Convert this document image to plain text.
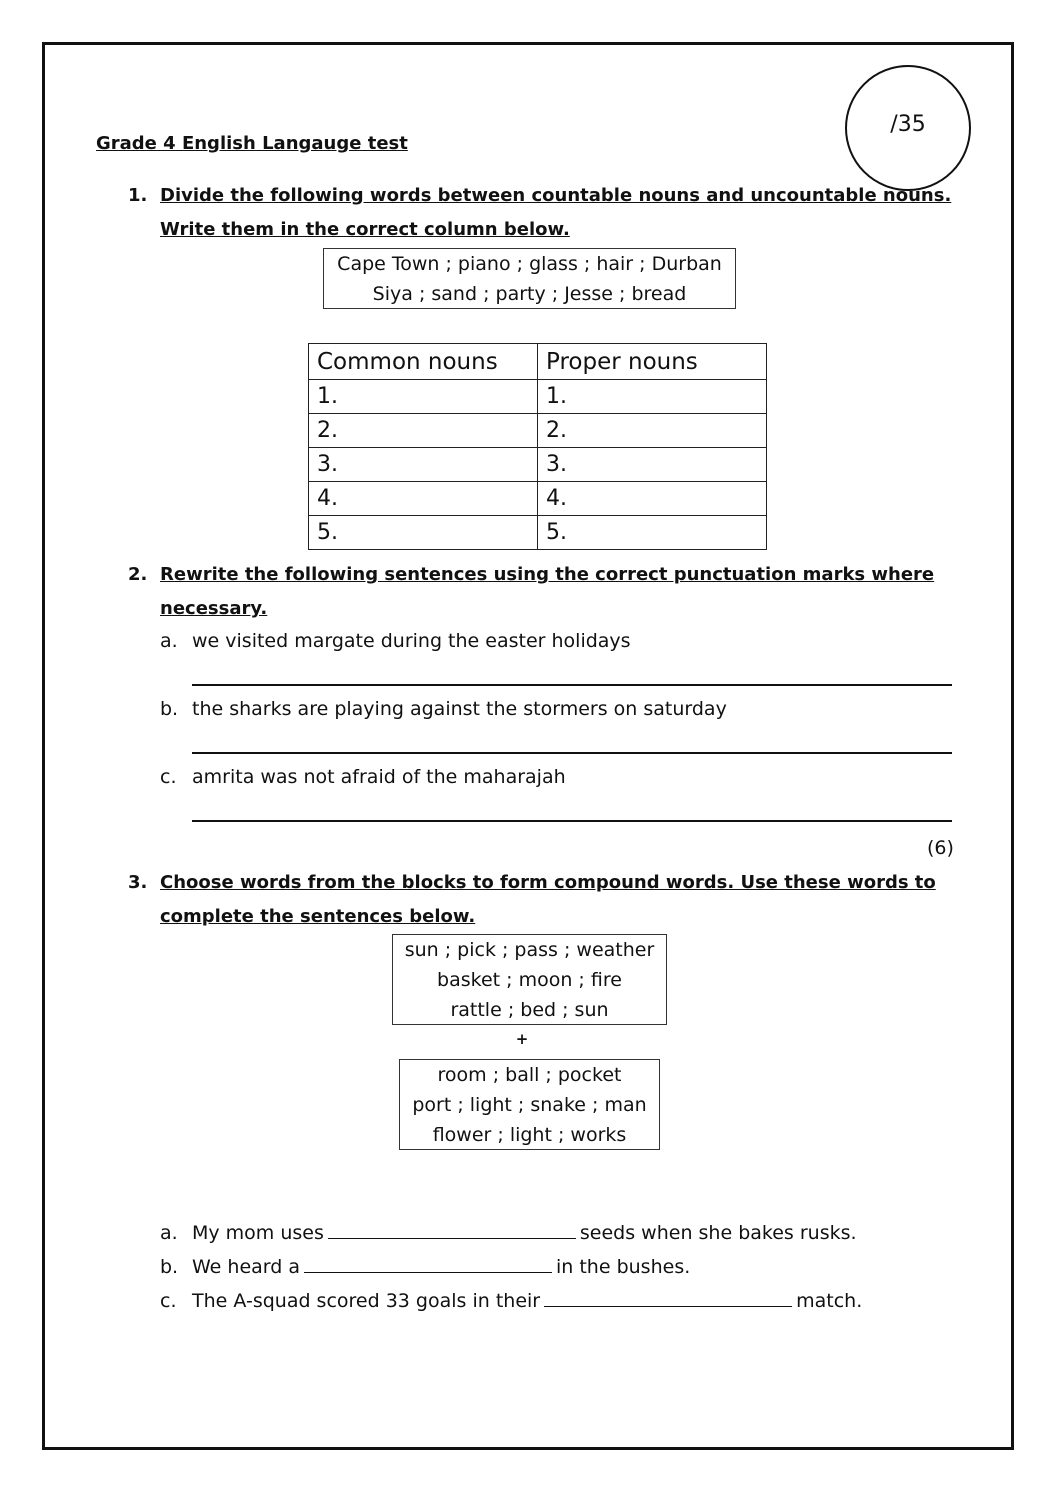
/35
Grade 4 English Langauge test
1. Divide the following words between countable nouns and uncountable nouns.
Write them in the correct column below.
Cape Town ; piano ; glass ; hair ; Durban
Siya ; sand ; party ; Jesse ; bread
Common nouns	Proper nouns
1.	1.
2.	2.
3.	3.
4.	4.
5.	5.
2. Rewrite the following sentences using the correct punctuation marks where
necessary.
a. we visited margate during the easter holidays
b. the sharks are playing against the stormers on saturday
c. amrita was not afraid of the maharajah
(6)
3. Choose words from the blocks to form compound words. Use these words to
complete the sentences below.
sun ; pick ; pass ; weather
basket ; moon ; fire
rattle ; bed ; sun
+
room ; ball ; pocket
port ; light ; snake ; man
flower ; light ; works
a. My mom uses	seeds when she bakes rusks.
b. We heard a	in the bushes.
c. The A-squad scored 33 goals in their	match.
